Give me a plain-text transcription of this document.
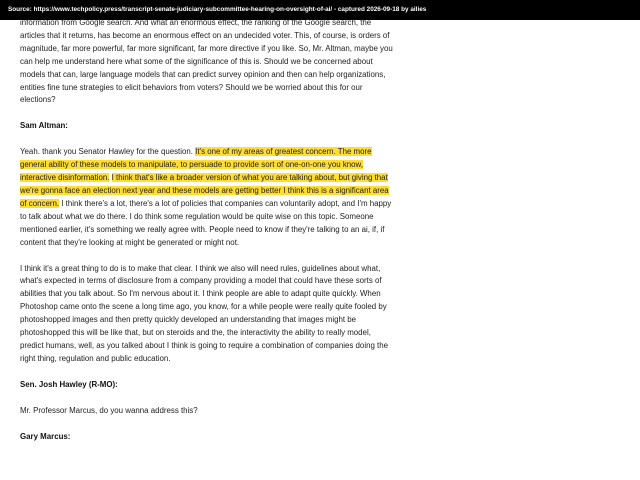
Source: https://www.techpolicy.press/transcript-senate-judiciary-subcommittee-hearing-on-oversight-of-ai/ - captured 2026-09-18 by ailies

information from Google search. And what an enormous effect, the ranking of the Google search, the articles that it returns, has become an enormous effect on an undecided voter. This, of course, is orders of magnitude, far more powerful, far more significant, far more directive if you like. So, Mr. Altman, maybe you can help me understand here what some of the significance of this is. Should we be concerned about models that can, large language models that can predict survey opinion and then can help organizations, entities fine tune strategies to elicit behaviors from voters? Should we be worried about this for our elections?

Sam Altman:

Yeah. thank you Senator Hawley for the question. It's one of my areas of greatest concern. The more general ability of these models to manipulate, to persuade to provide sort of one-on-one you know, interactive disinformation. I think that's like a broader version of what you are talking about, but giving that we're gonna face an election next year and these models are getting better I think this is a significant area of concern. I think there's a lot, there's a lot of policies that companies can voluntarily adopt, and I'm happy to talk about what we do there. I do think some regulation would be quite wise on this topic. Someone mentioned earlier, it's something we really agree with. People need to know if they're talking to an ai, if, if content that they're looking at might be generated or might not.

I think it's a great thing to do is to make that clear. I think we also will need rules, guidelines about what, what's expected in terms of disclosure from a company providing a model that could have these sorts of abilities that you talk about. So I'm nervous about it. I think people are able to adapt quite quickly. When Photoshop came onto the scene a long time ago, you know, for a while people were really quite fooled by photoshopped images and then pretty quickly developed an understanding that images might be photoshopped this will be like that, but on steroids and the, the interactivity the ability to really model, predict humans, well, as you talked about I think is going to require a combination of companies doing the right thing, regulation and public education.

Sen. Josh Hawley (R-MO):

Mr. Professor Marcus, do you wanna address this?

Gary Marcus:
